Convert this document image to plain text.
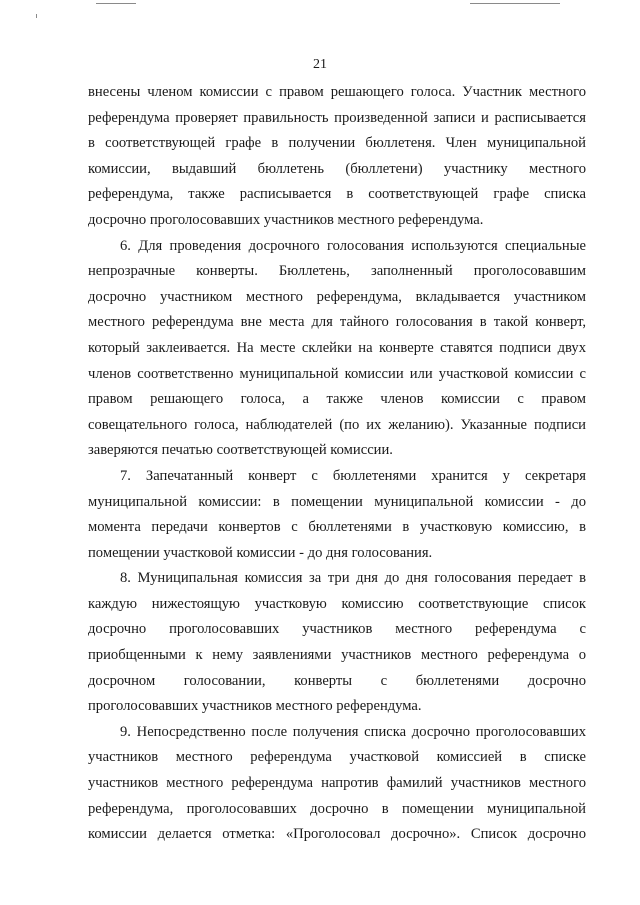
21
внесены членом комиссии с правом решающего голоса. Участник местного
референдума проверяет правильность произведенной записи и расписывается
в соответствующей графе в получении бюллетеня. Член муниципальной
комиссии, выдавший бюллетень (бюллетени) участнику местного
референдума, также расписывается в соответствующей графе списка
досрочно проголосовавших участников местного референдума.
6. Для проведения досрочного голосования используются специальные
непрозрачные конверты. Бюллетень, заполненный проголосовавшим
досрочно участником местного референдума, вкладывается участником
местного референдума вне места для тайного голосования в такой конверт,
который заклеивается. На месте склейки на конверте ставятся подписи двух
членов соответственно муниципальной комиссии или участковой комиссии с
правом решающего голоса, а также членов комиссии с правом
совещательного голоса, наблюдателей (по их желанию). Указанные подписи
заверяются печатью соответствующей комиссии.
7. Запечатанный конверт с бюллетенями хранится у секретаря
муниципальной комиссии: в помещении муниципальной комиссии - до
момента передачи конвертов с бюллетенями в участковую комиссию, в
помещении участковой комиссии - до дня голосования.
8. Муниципальная комиссия за три дня до дня голосования передает в
каждую нижестоящую участковую комиссию соответствующие список
досрочно проголосовавших участников местного референдума с
приобщенными к нему заявлениями участников местного референдума о
досрочном голосовании, конверты с бюллетенями досрочно
проголосовавших участников местного референдума.
9. Непосредственно после получения списка досрочно проголосовавших
участников местного референдума участковой комиссией в списке
участников местного референдума напротив фамилий участников местного
референдума, проголосовавших досрочно в помещении муниципальной
комиссии делается отметка: «Проголосовал досрочно». Список досрочно
